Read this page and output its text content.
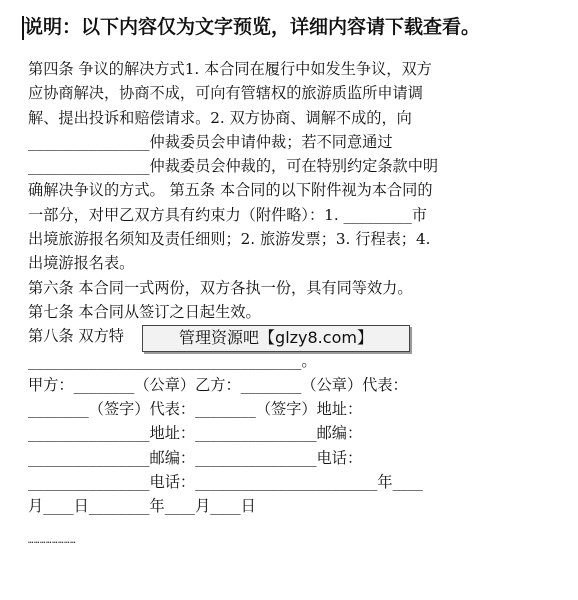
说明：以下内容仅为文字预览，详细内容请下载查看。
第四条 争议的解决方式1. 本合同在履行中如发生争议，双方
应协商解决，协商不成，可向有管辖权的旅游质监所申请调
解、提出投诉和赔偿请求。2. 双方协商、调解不成的，向
________________仲裁委员会申请仲裁；若不同意通过
________________仲裁委员会仲裁的，可在特别约定条款中明
确解决争议的方式。 第五条 本合同的以下附件视为本合同的
一部分，对甲乙双方具有约束力（附件略）：1. _________市
出境旅游报名须知及责任细则；2. 旅游发票；3. 行程表；4.
出境游报名表。
第六条 本合同一式两份，双方各执一份，具有同等效力。
第七条 本合同从签订之日起生效。
第八条 双方特
____________________________________。
甲方：________（公章）乙方：________（公章）代表：
________（签字）代表：________（签字）地址：
________________地址：________________邮编：
________________邮编：________________电话：
________________电话：________________________年____
月____日________年____月____日
管理资源吧【glzy8.com】
……………………
